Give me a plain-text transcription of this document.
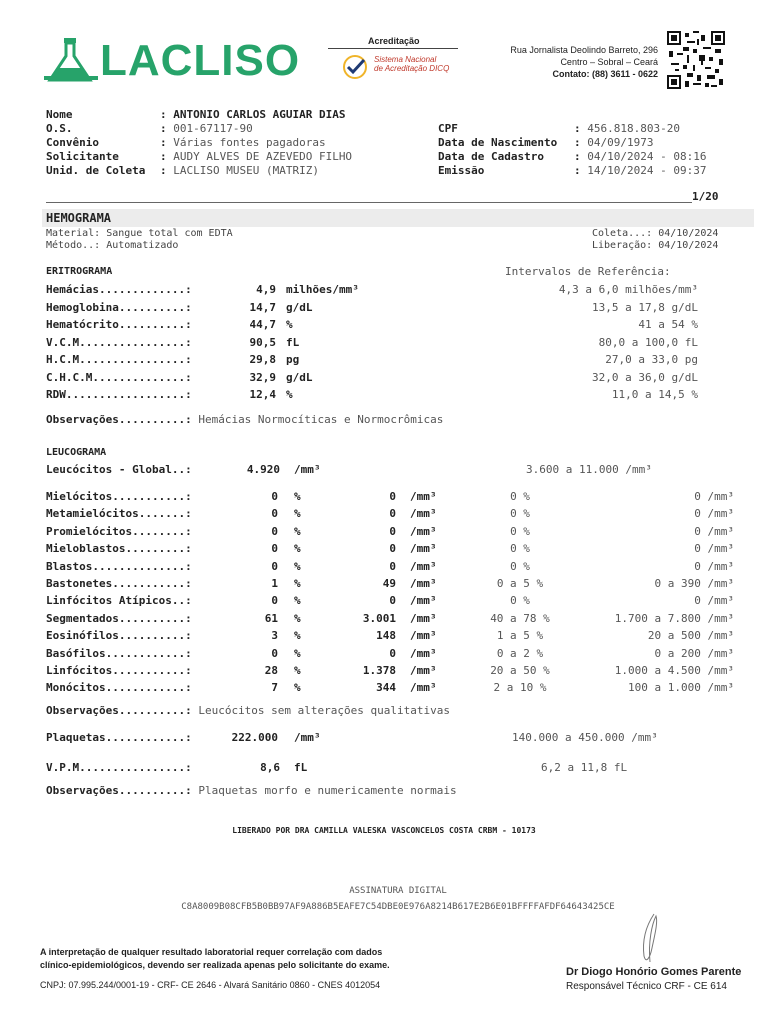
LACLISO	Acreditação
Sistema Nacional
de Acreditação DICQ
Rua Jornalista Deolindo Barreto, 296
Centro – Sobral – Ceará
Contato: (88) 3611 - 0622
Nome	: ANTONIO CARLOS AGUIAR DIAS
O.S.	: 001-67117-90
Convênio	: Várias fontes pagadoras
Solicitante	: AUDY ALVES DE AZEVEDO FILHO
Unid. de Coleta : LACLISO MUSEU (MATRIZ)
CPF	: 456.818.803-20
Data de Nascimento : 04/09/1973
Data de Cadastro	: 04/10/2024 - 08:16
Emissão	: 14/10/2024 - 09:37
1/20
HEMOGRAMA
Material: Sangue total com EDTA
Método..: Automatizado
Coleta...: 04/10/2024
Liberação: 04/10/2024
ERITROGRAMA	Intervalos de Referência:
Hemácias.............:	4,9 milhões/mm³	4,3 a 6,0 milhões/mm³
Hemoglobina..........:	14,7 g/dL	13,5 a 17,8 g/dL
Hematócrito..........:	44,7 %	41 a 54 %
V.C.M................:	90,5 fL	80,0 a 100,0 fL
H.C.M................:	29,8 pg	27,0 a 33,0 pg
C.H.C.M..............:	32,9 g/dL	32,0 a 36,0 g/dL
RDW..................:	12,4 %	11,0 a 14,5 %
Observações..........: Hemácias Normocíticas e Normocrômicas
LEUCOGRAMA
Leucócitos - Global..:	4.920 /mm³	3.600 a 11.000 /mm³
Mielócitos...........:	0 %	0 /mm³	0 %	0 /mm³
Metamielócitos.......:	0 %	0 /mm³	0 %	0 /mm³
Promielócitos........:	0 %	0 /mm³	0 %	0 /mm³
Mieloblastos.........:	0 %	0 /mm³	0 %	0 /mm³
Blastos..............:	0 %	0 /mm³	0 %	0 /mm³
Bastonetes...........:	1 %	49 /mm³	0 a 5 %	0 a 390 /mm³
Linfócitos Atípicos..:	0 %	0 /mm³	0 %	0 /mm³
Segmentados..........:	61 %	3.001 /mm³	40 a 78 %	1.700 a 7.800 /mm³
Eosinófilos..........:	3 %	148 /mm³	1 a 5 %	20 a 500 /mm³
Basófilos............:	0 %	0 /mm³	0 a 2 %	0 a 200 /mm³
Linfócitos...........:	28 %	1.378 /mm³	20 a 50 %	1.000 a 4.500 /mm³
Monócitos............:	7 %	344 /mm³	2 a 10 %	100 a 1.000 /mm³
Observações..........: Leucócitos sem alterações qualitativas
Plaquetas............:	222.000 /mm³	140.000 a 450.000 /mm³
V.P.M................:	8,6 fL	6,2 a 11,8 fL
Observações..........: Plaquetas morfo e numericamente normais
LIBERADO POR DRA CAMILLA VALESKA VASCONCELOS COSTA CRBM - 10173
ASSINATURA DIGITAL
C8A8009B08CFB5B0BB97AF9A886B5EAFE7C54DBE0E976A8214B617E2B6E01BFFFFAFDF64643425CE
A interpretação de qualquer resultado laboratorial requer correlação com dados
clínico-epidemiológicos, devendo ser realizada apenas pelo solicitante do exame.
CNPJ: 07.995.244/0001-19 - CRF- CE 2646 - Alvará Sanitário 0860 - CNES 4012054
Dr Diogo Honório Gomes Parente
Responsável Técnico CRF - CE 614
